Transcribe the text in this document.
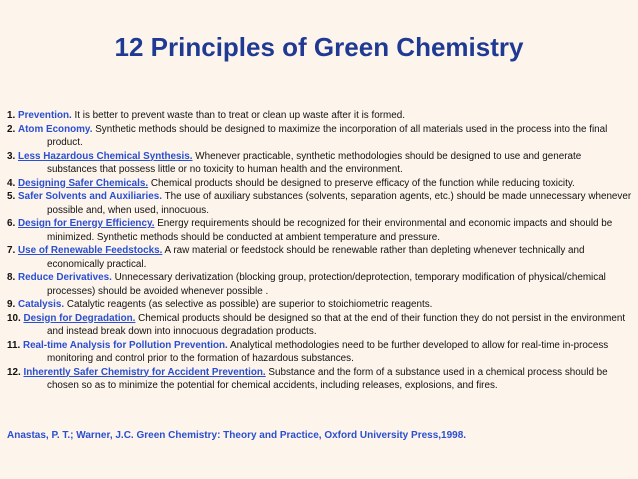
12 Principles of Green Chemistry
1. Prevention. It is better to prevent waste than to treat or clean up waste after it is formed.
2. Atom Economy. Synthetic methods should be designed to maximize the incorporation of all materials used in the process into the final product.
3. Less Hazardous Chemical Synthesis. Whenever practicable, synthetic methodologies should be designed to use and generate substances that possess little or no toxicity to human health and the environment.
4. Designing Safer Chemicals. Chemical products should be designed to preserve efficacy of the function while reducing toxicity.
5. Safer Solvents and Auxiliaries. The use of auxiliary substances (solvents, separation agents, etc.) should be made unnecessary whenever possible and, when used, innocuous.
6. Design for Energy Efficiency. Energy requirements should be recognized for their environmental and economic impacts and should be minimized. Synthetic methods should be conducted at ambient temperature and pressure.
7. Use of Renewable Feedstocks. A raw material or feedstock should be renewable rather than depleting whenever technically and economically practical.
8. Reduce Derivatives. Unnecessary derivatization (blocking group, protection/deprotection, temporary modification of physical/chemical processes) should be avoided whenever possible .
9. Catalysis. Catalytic reagents (as selective as possible) are superior to stoichiometric reagents.
10. Design for Degradation. Chemical products should be designed so that at the end of their function they do not persist in the environment and instead break down into innocuous degradation products.
11. Real-time Analysis for Pollution Prevention. Analytical methodologies need to be further developed to allow for real-time in-process monitoring and control prior to the formation of hazardous substances.
12. Inherently Safer Chemistry for Accident Prevention. Substance and the form of a substance used in a chemical process should be chosen so as to minimize the potential for chemical accidents, including releases, explosions, and fires.

Anastas, P. T.; Warner, J.C. Green Chemistry: Theory and Practice, Oxford University Press,1998.
